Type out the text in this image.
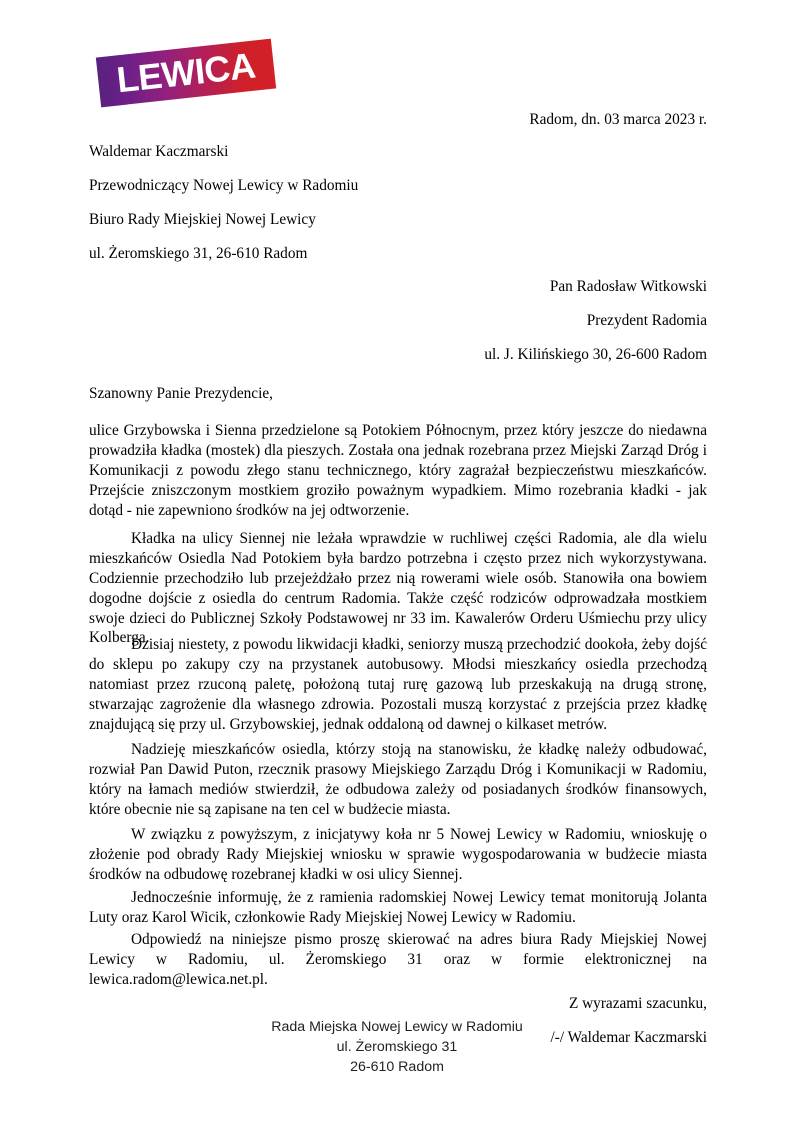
LEWICA
Radom, dn. 03 marca 2023 r.
Waldemar Kaczmarski
Przewodniczący Nowej Lewicy w Radomiu
Biuro Rady Miejskiej Nowej Lewicy
ul. Żeromskiego 31, 26-610 Radom
Pan Radosław Witkowski
Prezydent Radomia
ul. J. Kilińskiego 30, 26-600 Radom
Szanowny Panie Prezydencie,

ulice Grzybowska i Sienna przedzielone są Potokiem Północnym, przez który jeszcze do niedawna prowadziła kładka (mostek) dla pieszych. Została ona jednak rozebrana przez Miejski Zarząd Dróg i Komunikacji z powodu złego stanu technicznego, który zagrażał bezpieczeństwu mieszkańców. Przejście zniszczonym mostkiem groziło poważnym wypadkiem. Mimo rozebrania kładki - jak dotąd - nie zapewniono środków na jej odtworzenie.

Kładka na ulicy Siennej nie leżała wprawdzie w ruchliwej części Radomia, ale dla wielu mieszkańców Osiedla Nad Potokiem była bardzo potrzebna i często przez nich wykorzystywana. Codziennie przechodziło lub przejeżdżało przez nią rowerami wiele osób. Stanowiła ona bowiem dogodne dojście z osiedla do centrum Radomia. Także część rodziców odprowadzała mostkiem swoje dzieci do Publicznej Szkoły Podstawowej nr 33 im. Kawalerów Orderu Uśmiechu przy ulicy Kolberga.

Dzisiaj niestety, z powodu likwidacji kładki, seniorzy muszą przechodzić dookoła, żeby dojść do sklepu po zakupy czy na przystanek autobusowy. Młodsi mieszkańcy osiedla przechodzą natomiast przez rzuconą paletę, położoną tutaj rurę gazową lub przeskakują na drugą stronę, stwarzając zagrożenie dla własnego zdrowia. Pozostali muszą korzystać z przejścia przez kładkę znajdującą się przy ul. Grzybowskiej, jednak oddaloną od dawnej o kilkaset metrów.

Nadzieję mieszkańców osiedla, którzy stoją na stanowisku, że kładkę należy odbudować, rozwiał Pan Dawid Puton, rzecznik prasowy Miejskiego Zarządu Dróg i Komunikacji w Radomiu, który na łamach mediów stwierdził, że odbudowa zależy od posiadanych środków finansowych, które obecnie nie są zapisane na ten cel w budżecie miasta.

W związku z powyższym, z inicjatywy koła nr 5 Nowej Lewicy w Radomiu, wnioskuję o złożenie pod obrady Rady Miejskiej wniosku w sprawie wygospodarowania w budżecie miasta środków na odbudowę rozebranej kładki w osi ulicy Siennej.

Jednocześnie informuję, że z ramienia radomskiej Nowej Lewicy temat monitorują Jolanta Luty oraz Karol Wicik, członkowie Rady Miejskiej Nowej Lewicy w Radomiu.

Odpowiedź na niniejsze pismo proszę skierować na adres biura Rady Miejskiej Nowej Lewicy w Radomiu, ul. Żeromskiego 31 oraz w formie elektronicznej na lewica.radom@lewica.net.pl.

Z wyrazami szacunku,
/-/ Waldemar Kaczmarski
Rada Miejska Nowej Lewicy w Radomiu
ul. Żeromskiego 31
26-610 Radom
